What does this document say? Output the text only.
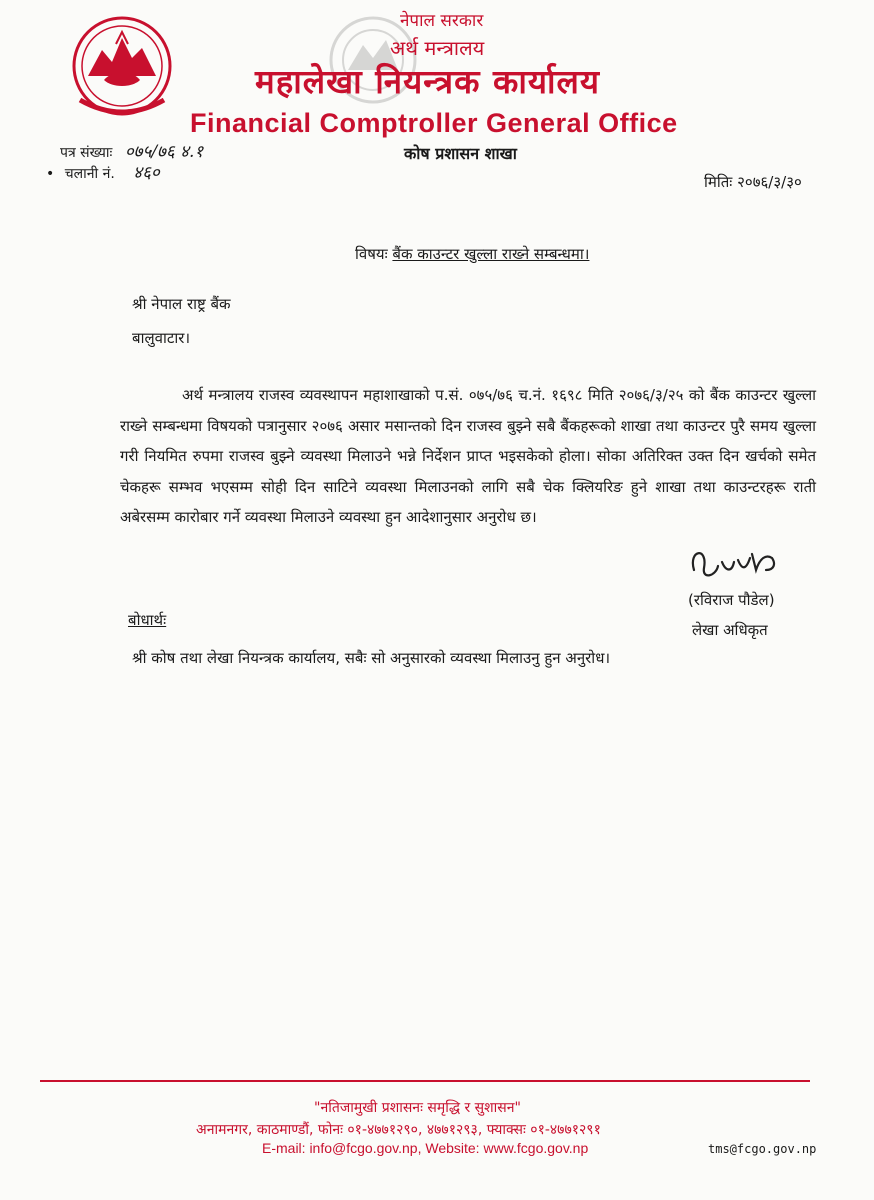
नेपाल सरकार
अर्थ मन्त्रालय
महालेखा नियन्त्रक कार्यालय
Financial Comptroller General Office
कोष प्रशासन शाखा
पत्र संख्याः ०७५/७६ ४.१
• चलानी नं. ४६०	मितिः २०७६/३/३०
विषयः बैंक काउन्टर खुल्ला राख्ने सम्बन्धमा।
श्री नेपाल राष्ट्र बैंक
बालुवाटार।
अर्थ मन्त्रालय राजस्व व्यवस्थापन महाशाखाको प.सं. ०७५/७६ च.नं. १६९८ मिति २०७६/३/२५ को बैंक काउन्टर खुल्ला राख्ने सम्बन्धमा विषयको पत्रानुसार २०७६ असार मसान्तको दिन राजस्व बुझ्ने सबै बैंकहरूको शाखा तथा काउन्टर पुरै समय खुल्ला गरी नियमित रुपमा राजस्व बुझ्ने व्यवस्था मिलाउने भन्ने निर्देशन प्राप्त भइसकेको होला। सोका अतिरिक्त उक्त दिन खर्चको समेत चेकहरू सम्भव भएसम्म सोही दिन साटिने व्यवस्था मिलाउनको लागि सबै चेक क्लियरिङ हुने शाखा तथा काउन्टरहरू राती अबेरसम्म कारोबार गर्ने व्यवस्था मिलाउने व्यवस्था हुन आदेशानुसार अनुरोध छ।
(रविराज पौडेल)
लेखा अधिकृत
बोधार्थः
श्री कोष तथा लेखा नियन्त्रक कार्यालय, सबैः सो अनुसारको व्यवस्था मिलाउनु हुन अनुरोध।
"नतिजामुखी प्रशासनः समृद्धि र सुशासन"
अनामनगर, काठमाण्डौं, फोनः ०१-४७७१२९०, ४७७१२९३, फ्याक्सः ०१-४७७१२९१
E-mail: info@fcgo.gov.np, Website: www.fcgo.gov.np	tms@fcgo.gov.np
